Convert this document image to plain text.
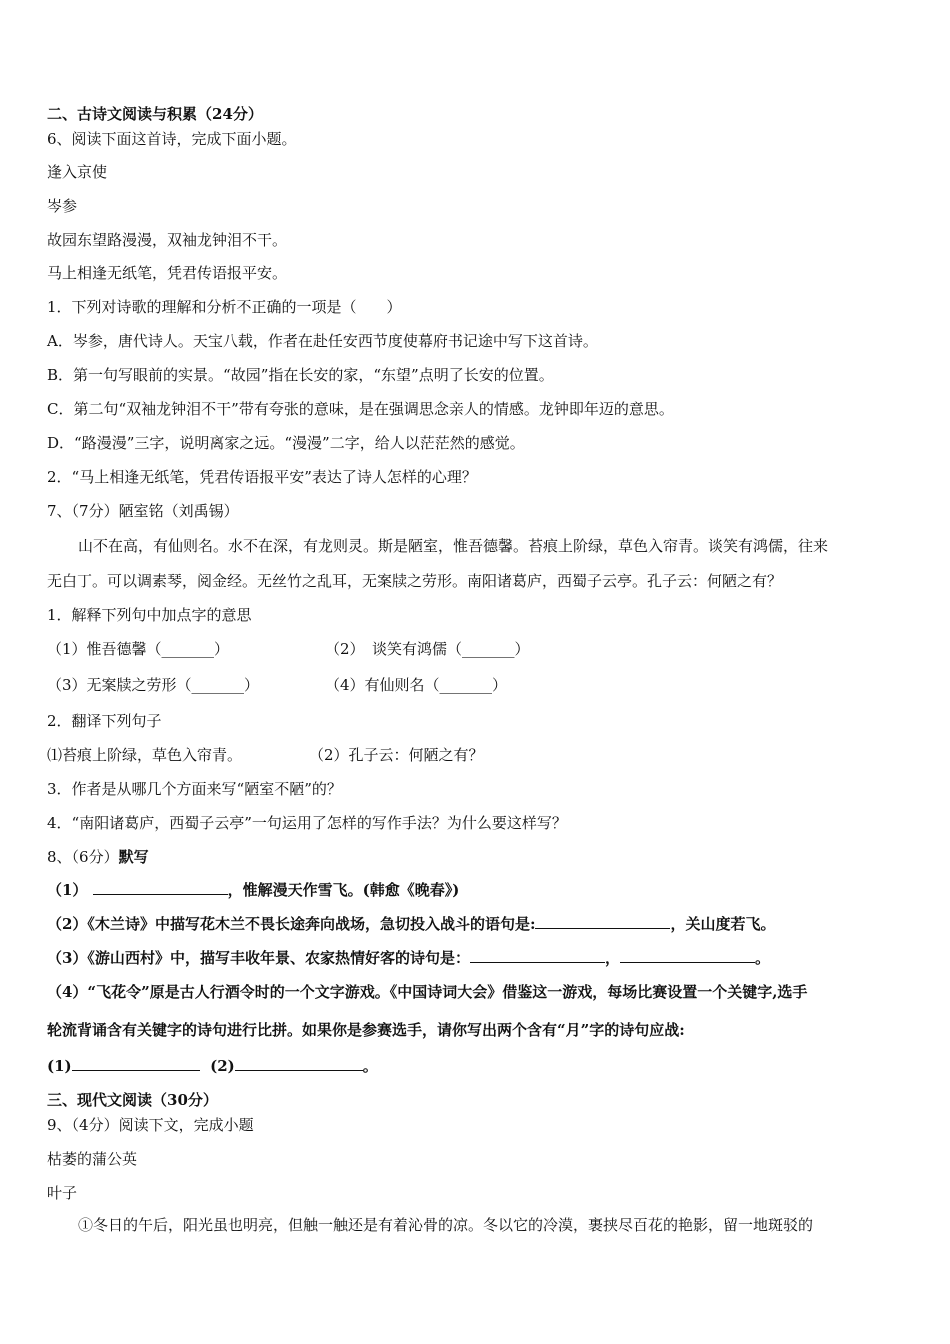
二、古诗文阅读与积累（24分）
6、阅读下面这首诗，完成下面小题。
逢入京使
岑参
故园东望路漫漫，双袖龙钟泪不干。
马上相逢无纸笔，凭君传语报平安。
1．下列对诗歌的理解和分析不正确的一项是（　　）
A．岑参，唐代诗人。天宝八载，作者在赴任安西节度使幕府书记途中写下这首诗。
B．第一句写眼前的实景。“故园”指在长安的家，“东望”点明了长安的位置。
C．第二句“双袖龙钟泪不干”带有夸张的意味，是在强调思念亲人的情感。龙钟即年迈的意思。
D．“路漫漫”三字，说明离家之远。“漫漫”二字，给人以茫茫然的感觉。
2．“马上相逢无纸笔，凭君传语报平安”表达了诗人怎样的心理？
7、（7分）陋室铭（刘禹锡）
山不在高，有仙则名。水不在深，有龙则灵。斯是陋室，惟吾德馨。苔痕上阶绿，草色入帘青。谈笑有鸿儒，往来
无白丁。可以调素琴，阅金经。无丝竹之乱耳，无案牍之劳形。南阳诸葛庐，西蜀子云亭。孔子云：何陋之有？
1．解释下列句中加点字的意思
（1）惟吾德馨（_______）	（2）　谈笑有鸿儒（_______）
（3）无案牍之劳形（_______）	（4）有仙则名（_______）
2．翻译下列句子
⑴苔痕上阶绿，草色入帘青。	（2）孔子云：何陋之有？
3．作者是从哪几个方面来写“陋室不陋”的？
4．“南阳诸葛庐，西蜀子云亭”一句运用了怎样的写作手法？为什么要这样写？
8、（6分）默写
（1）	，惟解漫天作雪飞。(韩愈《晚春》)
（2）《木兰诗》中描写花木兰不畏长途奔向战场，急切投入战斗的语句是:	，关山度若飞。
（3）《游山西村》中，描写丰收年景、农家热情好客的诗句是：	，	。
（4）“飞花令”原是古人行酒令时的一个文字游戏。《中国诗词大会》借鉴这一游戏，每场比赛设置一个关键字,选手
轮流背诵含有关键字的诗句进行比拼。如果你是参赛选手，请你写出两个含有“月”字的诗句应战:
(1)	(2)	。
三、现代文阅读（30分）
9、（4分）阅读下文，完成小题
枯萎的蒲公英
叶子
①冬日的午后，阳光虽也明亮，但触一触还是有着沁骨的凉。冬以它的冷漠，裹挟尽百花的艳影，留一地斑驳的
